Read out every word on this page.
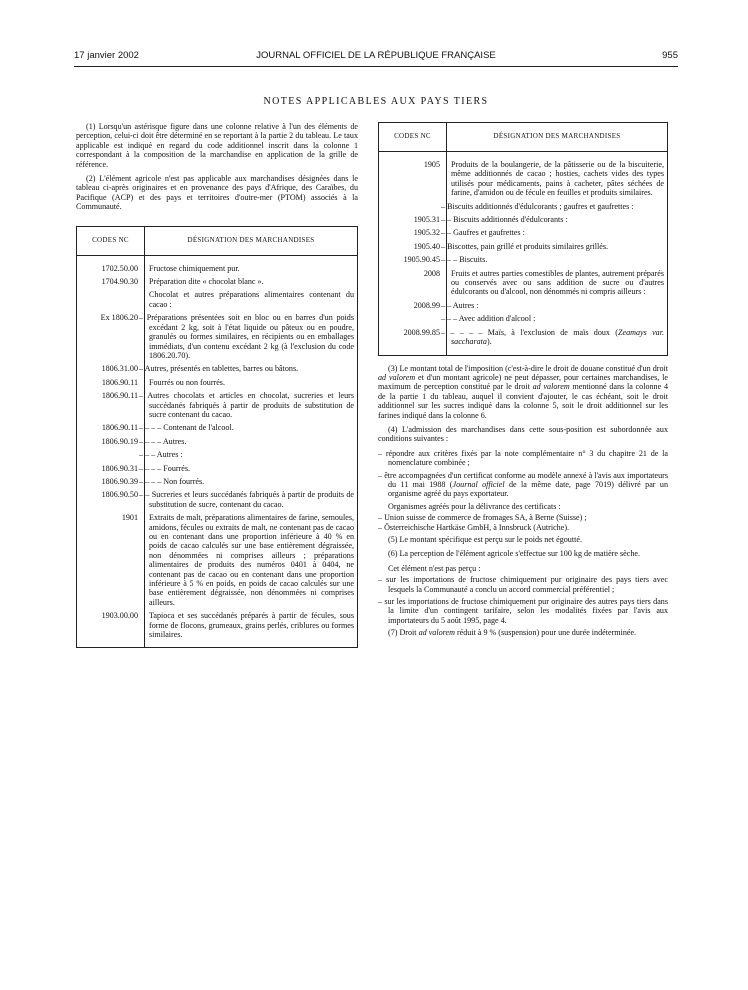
17 janvier 2002	JOURNAL OFFICIEL DE LA RÉPUBLIQUE FRANÇAISE	955
NOTES APPLICABLES AUX PAYS TIERS

(1) Lorsqu'un astérisque figure dans une colonne relative à l'un des éléments de perception, celui-ci doit être déterminé en se reportant à la partie 2 du tableau. Le taux applicable est indiqué en regard du code additionnel inscrit dans la colonne 1 correspondant à la composition de la marchandise en application de la grille de référence.

(2) L'élément agricole n'est pas applicable aux marchandises désignées dans le tableau ci-après originaires et en provenance des pays d'Afrique, des Caraïbes, du Pacifique (ACP) et des pays et territoires d'outre-mer (PTOM) associés à la Communauté.

CODES NC	DÉSIGNATION DES MARCHANDISES
1702.50.00	Fructose chimiquement pur.
1704.90.30	Préparation dite « chocolat blanc ».
Chocolat et autres préparations alimentaires contenant du cacao :
Ex 1806.20 – Préparations présentées soit en bloc ou en barres d'un poids excédant 2 kg, soit à l'état liquide ou pâteux ou en poudre, granulés ou formes similaires, en récipients ou en emballages immédiats, d'un contenu excédant 2 kg (à l'exclusion du code 1806.20.70).
1806.31.00 – Autres, présentés en tablettes, barres ou bâtons.
1806.90.11	Fourrés ou non fourrés.
1806.90.11 – Autres chocolats et articles en chocolat, sucreries et leurs succédanés fabriqués à partir de produits de substitution de sucre contenant du cacao.
1806.90.11 – – – – Contenant de l'alcool.
1806.90.19 – – – – Autres.
– – – Autres :
1806.90.31 – – – – Fourrés.
1806.90.39 – – – – Non fourrés.
1806.90.50 – – Sucreries et leurs succédanés fabriqués à partir de produits de substitution de sucre, contenant du cacao.
1901	Extraits de malt, préparations alimentaires de farine, semoules, amidons, fécules ou extraits de malt, ne contenant pas de cacao ou en contenant dans une proportion inférieure à 40 % en poids de cacao calculés sur une base entièrement dégraissée, non dénommées ni comprises ailleurs ; préparations alimentaires de produits des numéros 0401 à 0404, ne contenant pas de cacao ou en contenant dans une proportion inférieure à 5 % en poids, en poids de cacao calculés sur une base entièrement dégraissée, non dénommées ni comprises ailleurs.
1903.00.00	Tapioca et ses succédanés préparés à partir de fécules, sous forme de flocons, grumeaux, grains perlés, criblures ou formes similaires.
CODES NC	DÉSIGNATION DES MARCHANDISES
1905	Produits de la boulangerie, de la pâtisserie ou de la biscuiterie, même additionnés de cacao ; hosties, cachets vides des types utilisés pour médicaments, pains à cacheter, pâtes séchées de farine, d'amidon ou de fécule en feuilles et produits similaires.
– Biscuits additionnés d'édulcorants ; gaufres et gaufrettes :
1905.31 – – Biscuits additionnés d'édulcorants :
1905.32 – – Gaufres et gaufrettes :
1905.40 – Biscottes, pain grillé et produits similaires grillés.
1905.90.45 – – – Biscuits.
2008	Fruits et autres parties comestibles de plantes, autrement préparés ou conservés avec ou sans addition de sucre ou d'autres édulcorants ou d'alcool, non dénommés ni compris ailleurs :
2008.99 – – Autres :
– – – Avec addition d'alcool :
2008.99.85 – – – – – Maïs, à l'exclusion de maïs doux (Zeamays var. saccharata).

(3) Le montant total de l'imposition (c'est-à-dire le droit de douane constitué d'un droit ad valorem et d'un montant agricole) ne peut dépasser, pour certaines marchandises, le maximum de perception constitué par le droit ad valorem mentionné dans la colonne 4 de la partie 1 du tableau, auquel il convient d'ajouter, le cas échéant, soit le droit additionnel sur les sucres indiqué dans la colonne 5, soit le droit additionnel sur les farines indiqué dans la colonne 6.

(4) L'admission des marchandises dans cette sous-position est subordonnée aux conditions suivantes :

– répondre aux critères fixés par la note complémentaire n° 3 du chapitre 21 de la nomenclature combinée ;

– être accompagnées d'un certificat conforme au modèle annexé à l'avis aux importateurs du 11 mai 1988 (Journal officiel de la même date, page 7019) délivré par un organisme agréé du pays exportateur.

Organismes agréés pour la délivrance des certificats :

– Union suisse de commerce de fromages SA, à Berne (Suisse) ;

– Österreichische Hartkäse GmbH, à Innsbruck (Autriche).

(5) Le montant spécifique est perçu sur le poids net égoutté.

(6) La perception de l'élément agricole s'effectue sur 100 kg de matière sèche.

Cet élément n'est pas perçu :

– sur les importations de fructose chimiquement pur originaire des pays tiers avec lesquels la Communauté a conclu un accord commercial préférentiel ;

– sur les importations de fructose chimiquement pur originaire des autres pays tiers dans la limite d'un contingent tarifaire, selon les modalités fixées par l'avis aux importateurs du 5 août 1995, page 4.

(7) Droit ad valorem réduit à 9 % (suspension) pour une durée indéterminée.
